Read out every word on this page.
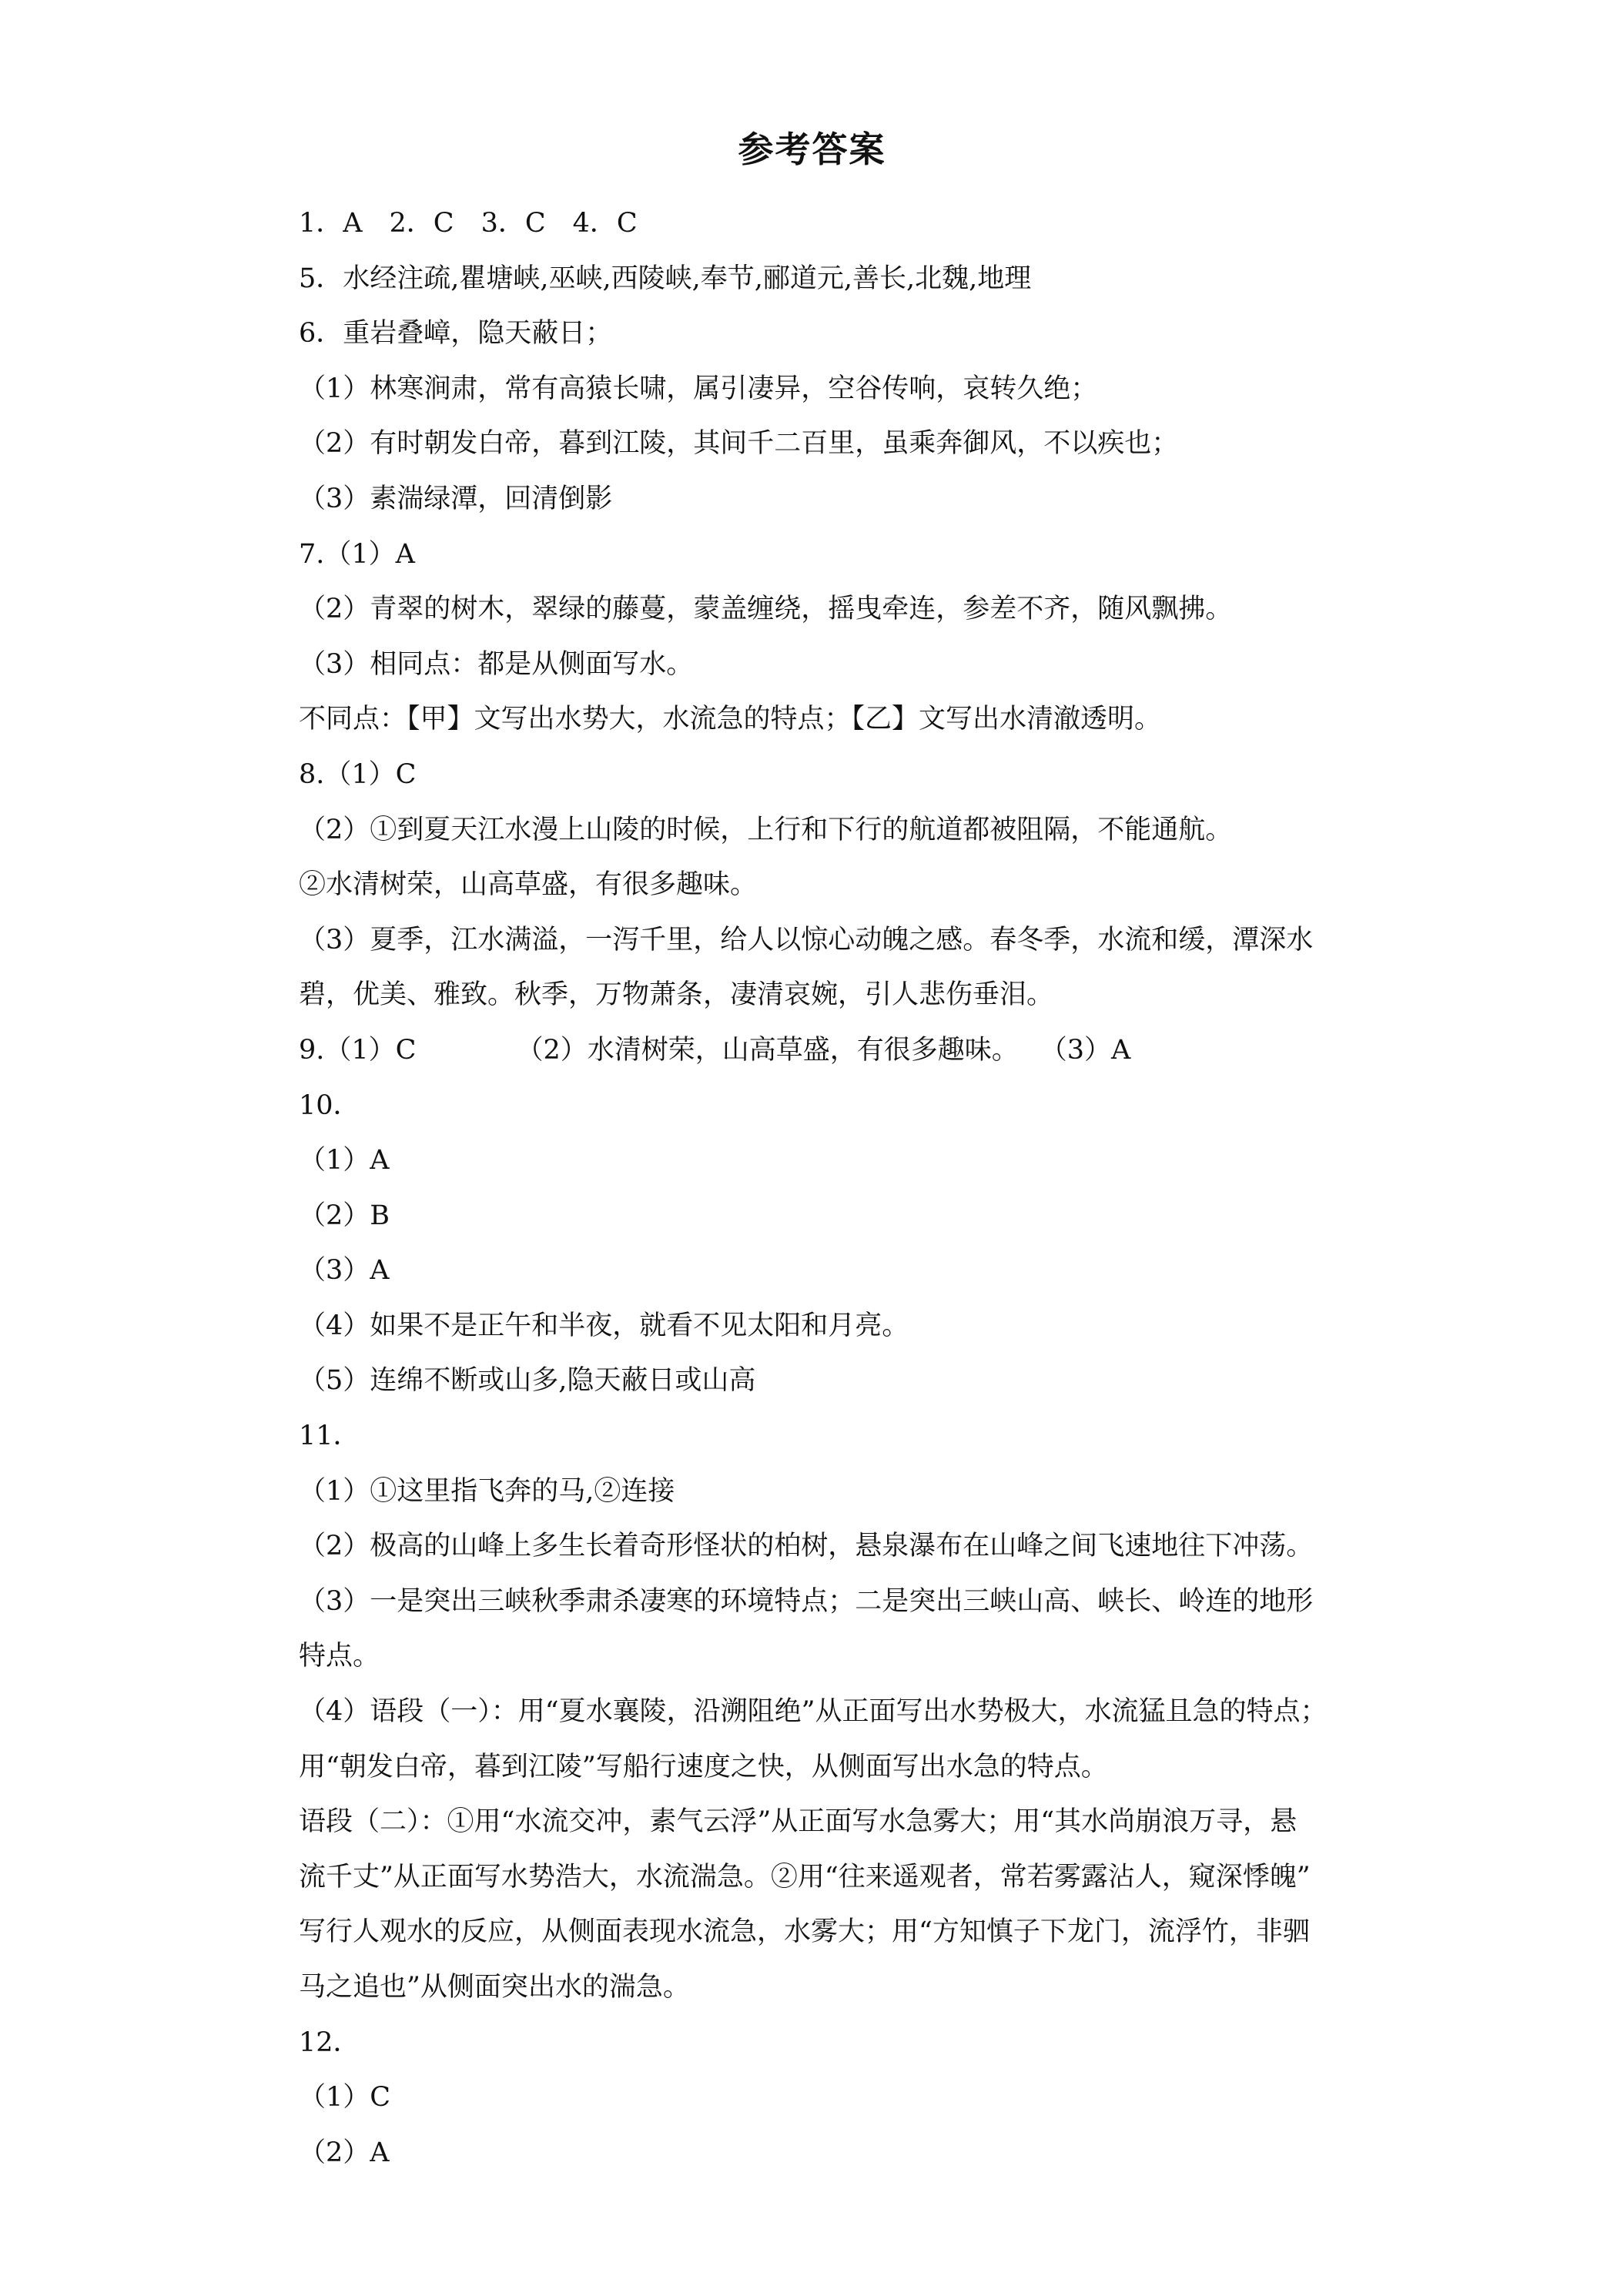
参考答案
1．A　2．C　3．C　4．C
5．水经注疏,瞿塘峡,巫峡,西陵峡,奉节,郦道元,善长,北魏,地理
6．重岩叠嶂，隐天蔽日；
（1）林寒涧肃，常有高猿长啸，属引凄异，空谷传响，哀转久绝；
（2）有时朝发白帝，暮到江陵，其间千二百里，虽乘奔御风，不以疾也；
（3）素湍绿潭，回清倒影
7.（1）A
（2）青翠的树木，翠绿的藤蔓，蒙盖缠绕，摇曳牵连，参差不齐，随风飘拂。
（3）相同点：都是从侧面写水。
不同点：【甲】文写出水势大，水流急的特点；【乙】文写出水清澈透明。
8.（1）C
（2）①到夏天江水漫上山陵的时候，上行和下行的航道都被阻隔，不能通航。
②水清树荣，山高草盛，有很多趣味。
（3）夏季，江水满溢，一泻千里，给人以惊心动魄之感。春冬季，水流和缓，潭深水
碧，优美、雅致。秋季，万物萧条，凄清哀婉，引人悲伤垂泪。
9.（1）C	（2）水清树荣，山高草盛，有很多趣味。 （3）A
10．
（1）A
（2）B
（3）A
（4）如果不是正午和半夜，就看不见太阳和月亮。
（5）连绵不断或山多,隐天蔽日或山高
11．
（1）①这里指飞奔的马,②连接
（2）极高的山峰上多生长着奇形怪状的柏树，悬泉瀑布在山峰之间飞速地往下冲荡。
（3）一是突出三峡秋季肃杀凄寒的环境特点；二是突出三峡山高、峡长、岭连的地形
特点。
（4）语段（一）：用“夏水襄陵，沿溯阻绝”从正面写出水势极大，水流猛且急的特点；
用“朝发白帝，暮到江陵”写船行速度之快，从侧面写出水急的特点。
语段（二）：①用“水流交冲，素气云浮”从正面写水急雾大；用“其水尚崩浪万寻，悬
流千丈”从正面写水势浩大，水流湍急。②用“往来遥观者，常若雾露沾人，窥深悸魄”
写行人观水的反应，从侧面表现水流急，水雾大；用“方知慎子下龙门，流浮竹，非驷
马之追也”从侧面突出水的湍急。
12．
（1）C
（2）A
